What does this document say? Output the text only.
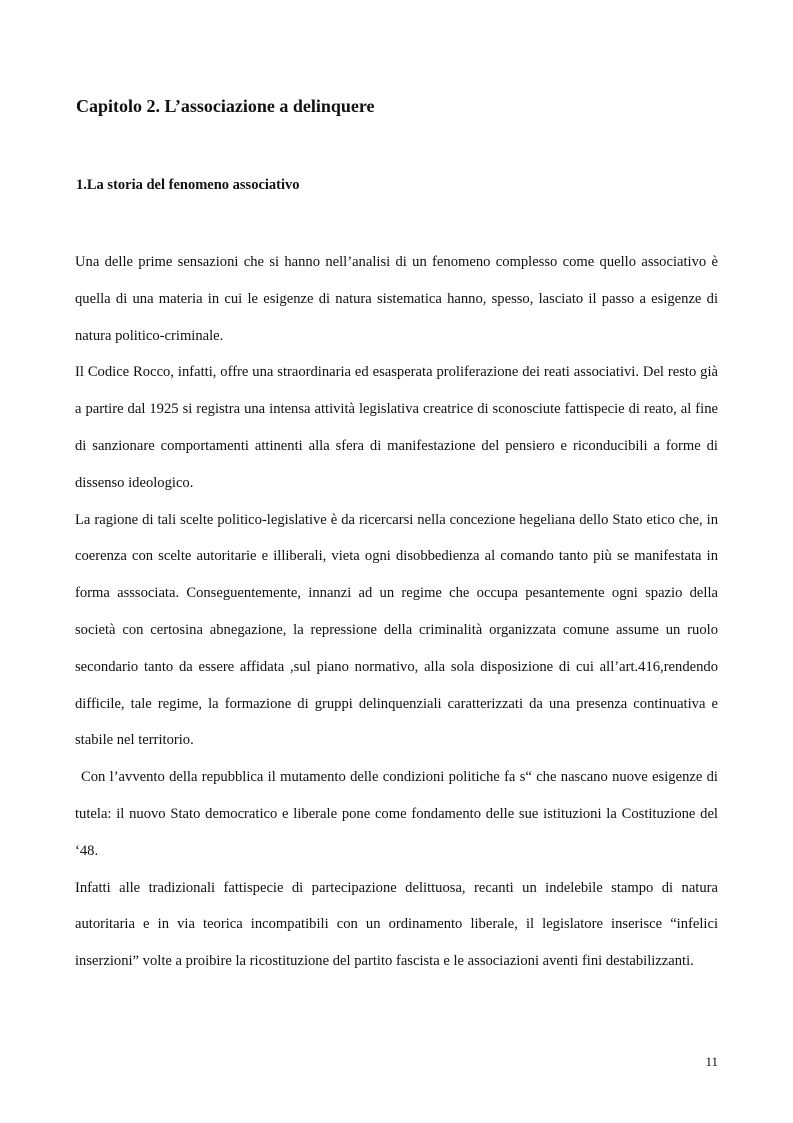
Capitolo 2. L’associazione a delinquere
1.La storia del fenomeno associativo

Una delle prime sensazioni che si hanno nell’analisi di un fenomeno complesso come quello associativo è quella di una materia in cui le esigenze di natura sistematica hanno, spesso, lasciato il passo a esigenze di natura politico-criminale.

Il Codice Rocco, infatti, offre una straordinaria ed esasperata proliferazione dei reati associativi. Del resto già a partire dal 1925 si registra una intensa attività legislativa creatrice di sconosciute fattispecie di reato, al fine di sanzionare comportamenti attinenti alla sfera di manifestazione del pensiero e riconducibili a forme di dissenso ideologico.

La ragione di tali scelte politico-legislative è da ricercarsi nella concezione hegeliana dello Stato etico che, in coerenza con scelte autoritarie e illiberali, vieta ogni disobbedienza al comando tanto più se manifestata in forma asssociata. Conseguentemente, innanzi ad un regime che occupa pesantemente ogni spazio della società con certosina abnegazione, la repressione della criminalità organizzata comune assume un ruolo secondario tanto da essere affidata ,sul piano normativo, alla sola disposizione di cui all’art.416,rendendo difficile, tale regime, la formazione di gruppi delinquenziali caratterizzati da una presenza continuativa e stabile nel territorio.

Con l’avvento della repubblica il mutamento delle condizioni politiche fa s“ che nascano nuove esigenze di tutela: il nuovo Stato democratico e liberale pone come fondamento delle sue istituzioni la Costituzione del ‘48.

Infatti alle tradizionali fattispecie di partecipazione delittuosa, recanti un indelebile stampo di natura autoritaria e in via teorica incompatibili con un ordinamento liberale, il legislatore inserisce “infelici inserzioni” volte a proibire la ricostituzione del partito fascista e le associazioni aventi fini destabilizzanti.

11
